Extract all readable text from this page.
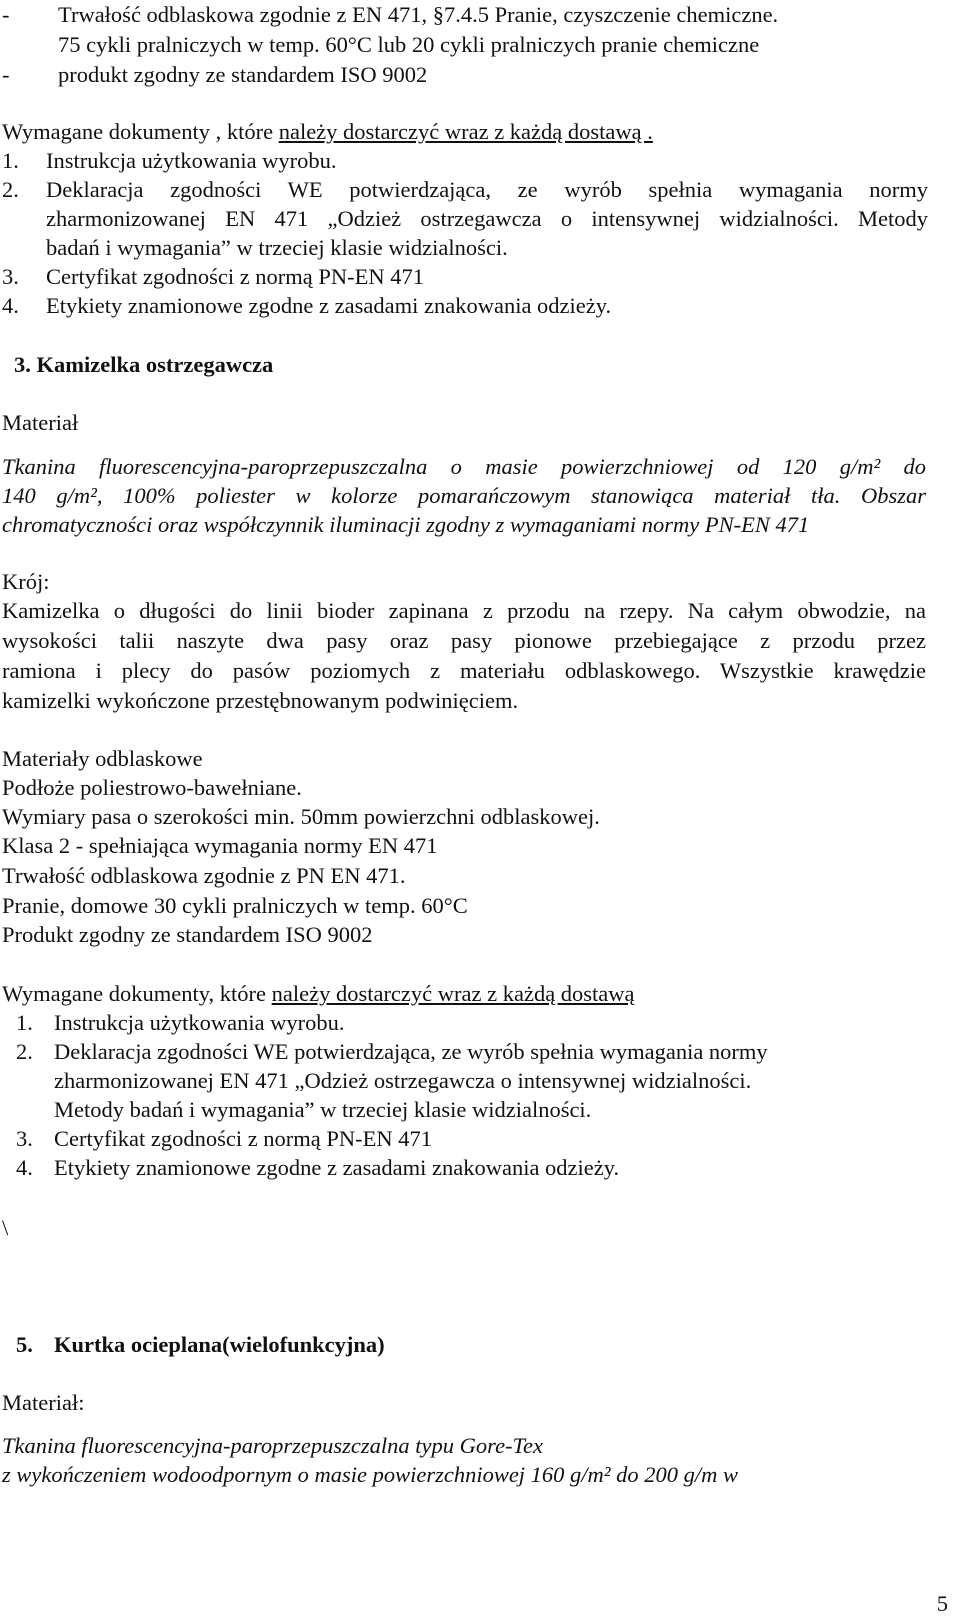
- Trwałość odblaskowa zgodnie z EN 471, §7.4.5 Pranie, czyszczenie chemiczne.
75 cykli pralniczych w temp. 60°C lub 20 cykli pralniczych pranie chemiczne
- produkt zgodny ze standardem ISO 9002
Wymagane dokumenty , które należy dostarczyć wraz z każdą dostawą .
1. Instrukcja użytkowania wyrobu.
2. Deklaracja zgodności WE potwierdzająca, ze wyrób spełnia wymagania normy
zharmonizowanej EN 471 „Odzież ostrzegawcza o intensywnej widzialności. Metody
badań i wymagania” w trzeciej klasie widzialności.
3. Certyfikat zgodności z normą PN-EN 471
4. Etykiety znamionowe zgodne z zasadami znakowania odzieży.
3. Kamizelka ostrzegawcza
Materiał
Tkanina fluorescencyjna-paroprzepuszczalna o masie powierzchniowej od 120 g/m² do
140 g/m², 100% poliester w kolorze pomarańczowym stanowiąca materiał tła. Obszar
chromatyczności oraz współczynnik iluminacji zgodny z wymaganiami normy PN-EN 471
Krój:
Kamizelka o długości do linii bioder zapinana z przodu na rzepy. Na całym obwodzie, na
wysokości talii naszyte dwa pasy oraz pasy pionowe przebiegające z przodu przez
ramiona i plecy do pasów poziomych z materiału odblaskowego. Wszystkie krawędzie
kamizelki wykończone przestębnowanym podwinięciem.
Materiały odblaskowe
Podłoże poliestrowo-bawełniane.
Wymiary pasa o szerokości min. 50mm powierzchni odblaskowej.
Klasa 2 - spełniająca wymagania normy EN 471
Trwałość odblaskowa zgodnie z PN EN 471.
Pranie, domowe 30 cykli pralniczych w temp. 60°C
Produkt zgodny ze standardem ISO 9002
Wymagane dokumenty, które należy dostarczyć wraz z każdą dostawą
1. Instrukcja użytkowania wyrobu.
2. Deklaracja zgodności WE potwierdzająca, ze wyrób spełnia wymagania normy
zharmonizowanej EN 471 „Odzież ostrzegawcza o intensywnej widzialności.
Metody badań i wymagania” w trzeciej klasie widzialności.
3. Certyfikat zgodności z normą PN-EN 471
4. Etykiety znamionowe zgodne z zasadami znakowania odzieży.
\
5. Kurtka ocieplana(wielofunkcyjna)
Materiał:
Tkanina fluorescencyjna-paroprzepuszczalna typu Gore-Tex
z wykończeniem wodoodpornym o masie powierzchniowej 160 g/m² do 200 g/m w
5
